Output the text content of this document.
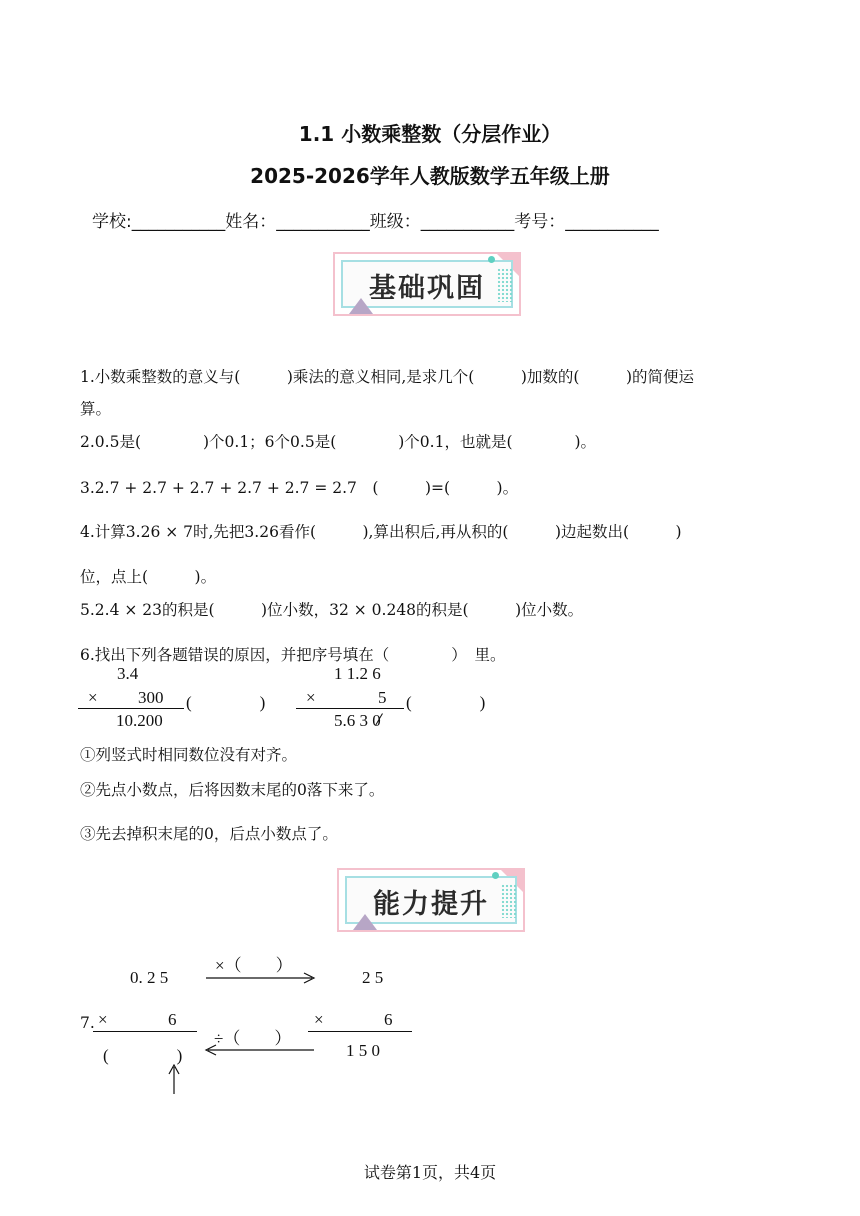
1.1 小数乘整数（分层作业）
2025-2026学年人教版数学五年级上册
学校:___________姓名：___________班级：___________考号：___________
基础巩固
1.小数乘整数的意义与(　　　)乘法的意义相同,是求几个(　　　)加数的(　　　)的简便运
算。
2.0.5是(　　　　)个0.1；6个0.5是(　　　　)个0.1，也就是(　　　　)。
3.2.7 + 2.7 + 2.7 + 2.7 + 2.7 = 2.7　(　　　)=(　　　)。
4.计算3.26 × 7时,先把3.26看作(　　　),算出积后,再从积的(　　　)边起数出(　　　)
位，点上(　　　)。
5.2.4 × 23的积是(　　　)位小数，32 × 0.248的积是(　　　)位小数。
6.找出下列各题错误的原因，并把序号填在（　　　　）　里。
3.4
× 300 (　　　　)
10.200
1 1.2 6
×	5 (　　　　)
5.6 3 0
①列竖式时相同数位没有对齐。
②先点小数点，后将因数末尾的0落下来了。
③先去掉积末尾的0，后点小数点了。
能力提升
0. 2 5
×（　　）
2 5
7. ×	6	×	6
(　　　　)
÷（　　）
1 5 0
试卷第1页，共4页
